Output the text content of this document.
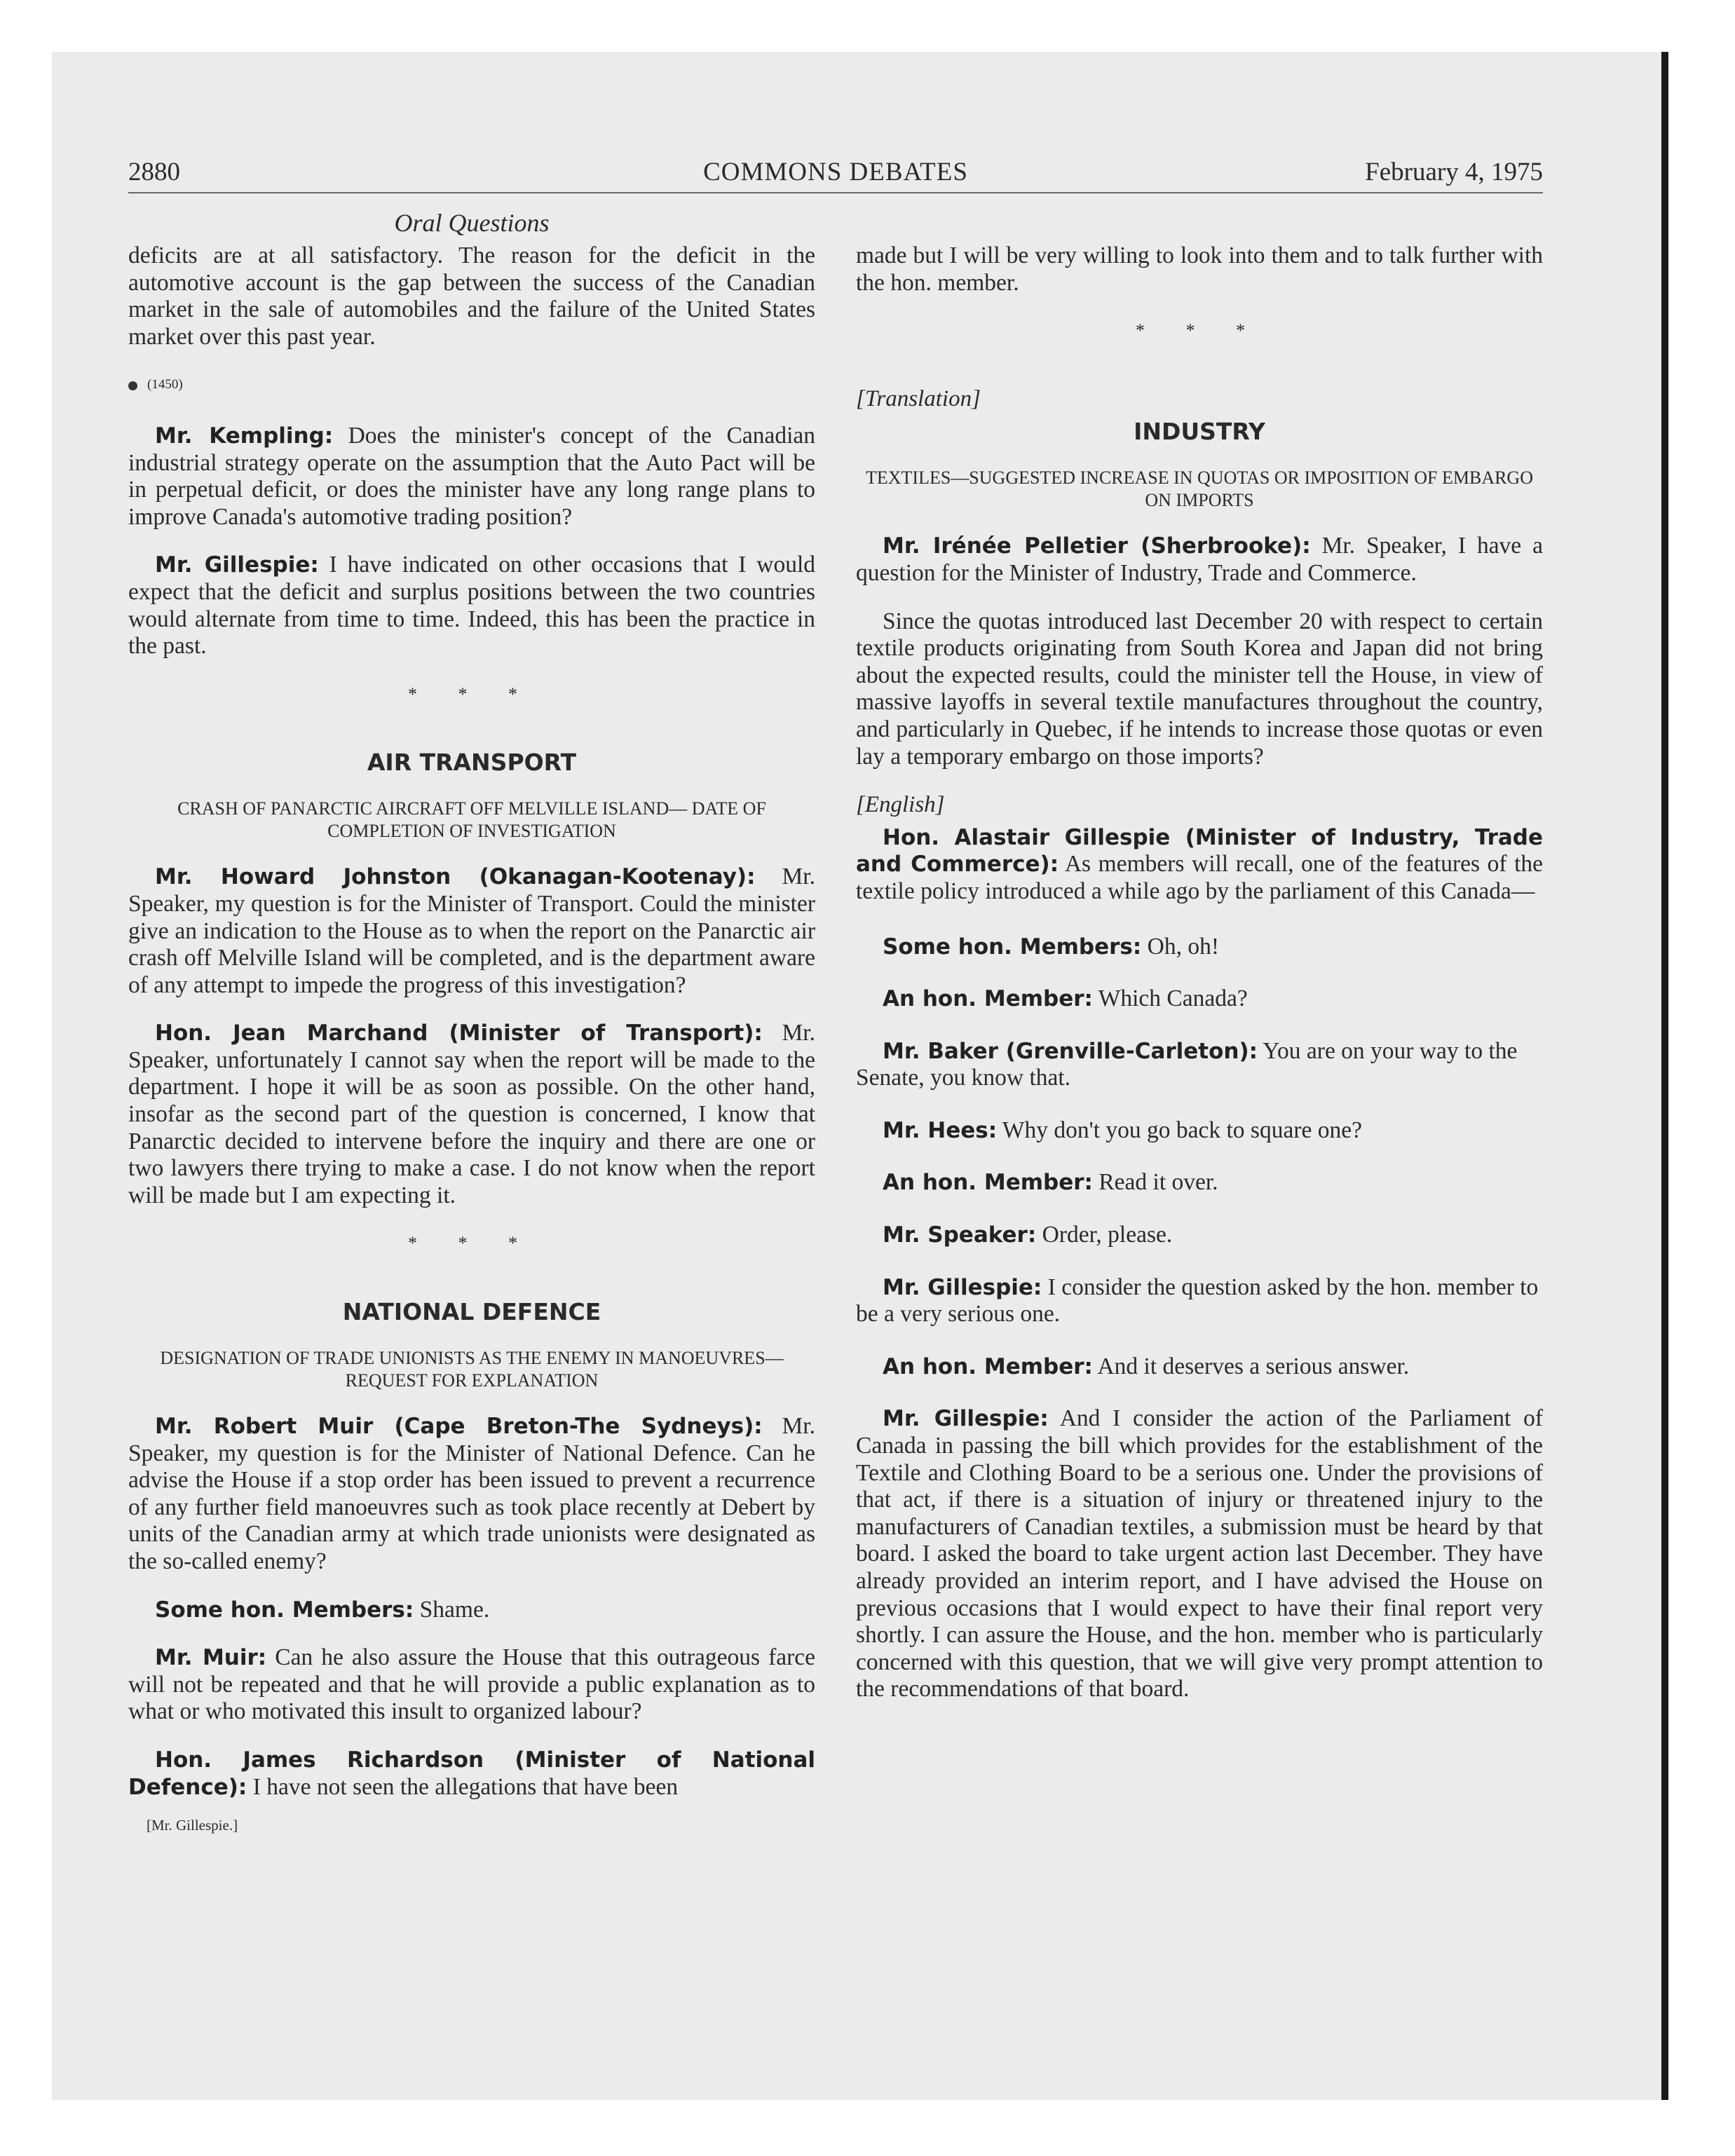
2880	COMMONS DEBATES	February 4, 1975
Oral Questions

deficits are at all satisfactory. The reason for the deficit in the automotive account is the gap between the success of the Canadian market in the sale of automobiles and the failure of the United States market over this past year.

(1450)

Mr. Kempling: Does the minister's concept of the Canadian industrial strategy operate on the assumption that the Auto Pact will be in perpetual deficit, or does the minister have any long range plans to improve Canada's automotive trading position?

Mr. Gillespie: I have indicated on other occasions that I would expect that the deficit and surplus positions between the two countries would alternate from time to time. Indeed, this has been the practice in the past.

* * *
AIR TRANSPORT
CRASH OF PANARCTIC AIRCRAFT OFF MELVILLE ISLAND— DATE OF COMPLETION OF INVESTIGATION

Mr. Howard Johnston (Okanagan-Kootenay): Mr. Speaker, my question is for the Minister of Transport. Could the minister give an indication to the House as to when the report on the Panarctic air crash off Melville Island will be completed, and is the department aware of any attempt to impede the progress of this investigation?

Hon. Jean Marchand (Minister of Transport): Mr. Speaker, unfortunately I cannot say when the report will be made to the department. I hope it will be as soon as possible. On the other hand, insofar as the second part of the question is concerned, I know that Panarctic decided to intervene before the inquiry and there are one or two lawyers there trying to make a case. I do not know when the report will be made but I am expecting it.

* * *
NATIONAL DEFENCE
DESIGNATION OF TRADE UNIONISTS AS THE ENEMY IN MANOEUVRES—REQUEST FOR EXPLANATION

Mr. Robert Muir (Cape Breton-The Sydneys): Mr. Speaker, my question is for the Minister of National Defence. Can he advise the House if a stop order has been issued to prevent a recurrence of any further field manoeuvres such as took place recently at Debert by units of the Canadian army at which trade unionists were designated as the so-called enemy?

Some hon. Members: Shame.

Mr. Muir: Can he also assure the House that this outrageous farce will not be repeated and that he will provide a public explanation as to what or who motivated this insult to organized labour?

Hon. James Richardson (Minister of National Defence): I have not seen the allegations that have been

[Mr. Gillespie.]

made but I will be very willing to look into them and to talk further with the hon. member.

* * *
[Translation]
INDUSTRY
TEXTILES—SUGGESTED INCREASE IN QUOTAS OR IMPOSITION OF EMBARGO ON IMPORTS

Mr. Irénée Pelletier (Sherbrooke): Mr. Speaker, I have a question for the Minister of Industry, Trade and Commerce.

Since the quotas introduced last December 20 with respect to certain textile products originating from South Korea and Japan did not bring about the expected results, could the minister tell the House, in view of massive layoffs in several textile manufactures throughout the country, and particularly in Quebec, if he intends to increase those quotas or even lay a temporary embargo on those imports?

[English]

Hon. Alastair Gillespie (Minister of Industry, Trade and Commerce): As members will recall, one of the features of the textile policy introduced a while ago by the parliament of this Canada—

Some hon. Members: Oh, oh!

An hon. Member: Which Canada?

Mr. Baker (Grenville-Carleton): You are on your way to the Senate, you know that.

Mr. Hees: Why don't you go back to square one?

An hon. Member: Read it over.

Mr. Speaker: Order, please.

Mr. Gillespie: I consider the question asked by the hon. member to be a very serious one.

An hon. Member: And it deserves a serious answer.

Mr. Gillespie: And I consider the action of the Parliament of Canada in passing the bill which provides for the establishment of the Textile and Clothing Board to be a serious one. Under the provisions of that act, if there is a situation of injury or threatened injury to the manufacturers of Canadian textiles, a submission must be heard by that board. I asked the board to take urgent action last December. They have already provided an interim report, and I have advised the House on previous occasions that I would expect to have their final report very shortly. I can assure the House, and the hon. member who is particularly concerned with this question, that we will give very prompt attention to the recommendations of that board.
